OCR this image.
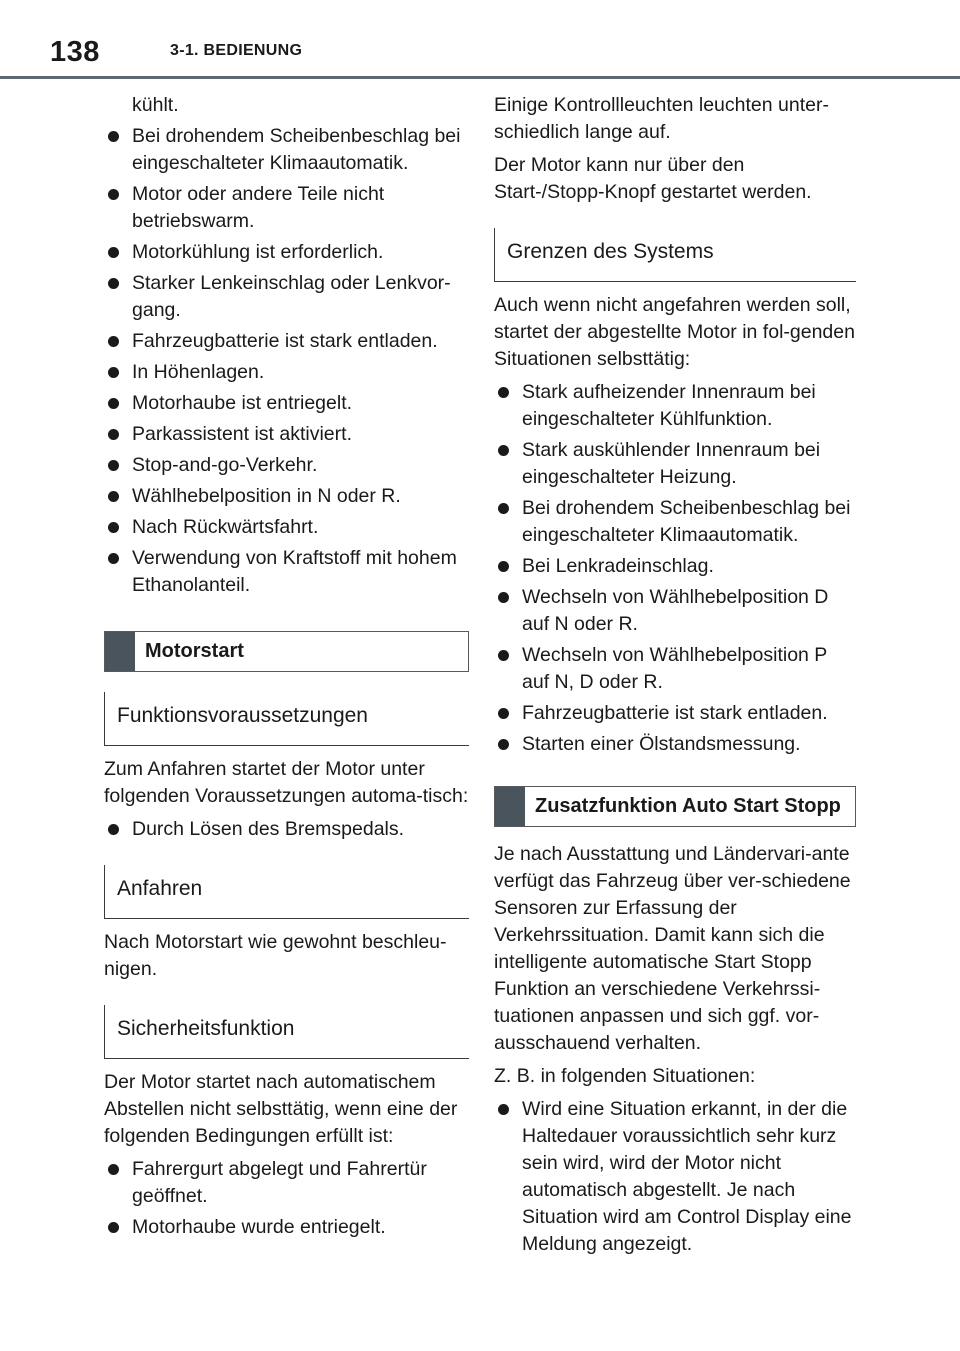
138	3-1. BEDIENUNG

kühlt.

Bei drohendem Scheibenbeschlag bei eingeschalteter Klimaautomatik.
Motor oder andere Teile nicht betriebswarm.
Motorkühlung ist erforderlich.
Starker Lenkeinschlag oder Lenkvor-gang.
Fahrzeugbatterie ist stark entladen.
In Höhenlagen.
Motorhaube ist entriegelt.
Parkassistent ist aktiviert.
Stop-and-go-Verkehr.
Wählhebelposition in N oder R.
Nach Rückwärtsfahrt.
Verwendung von Kraftstoff mit hohem Ethanolanteil.
Motorstart
Funktionsvoraussetzungen

Zum Anfahren startet der Motor unter folgenden Voraussetzungen automa-tisch:

Durch Lösen des Bremspedals.
Anfahren

Nach Motorstart wie gewohnt beschleu-nigen.

Sicherheitsfunktion

Der Motor startet nach automatischem Abstellen nicht selbsttätig, wenn eine der folgenden Bedingungen erfüllt ist:

Fahrergurt abgelegt und Fahrertür geöffnet.
Motorhaube wurde entriegelt.

Einige Kontrollleuchten leuchten unter-schiedlich lange auf.

Der Motor kann nur über den Start-/Stopp-Knopf gestartet werden.

Grenzen des Systems

Auch wenn nicht angefahren werden soll, startet der abgestellte Motor in fol-genden Situationen selbsttätig:

Stark aufheizender Innenraum bei eingeschalteter Kühlfunktion.
Stark auskühlender Innenraum bei eingeschalteter Heizung.
Bei drohendem Scheibenbeschlag bei eingeschalteter Klimaautomatik.
Bei Lenkradeinschlag.
Wechseln von Wählhebelposition D auf N oder R.
Wechseln von Wählhebelposition P auf N, D oder R.
Fahrzeugbatterie ist stark entladen.
Starten einer Ölstandsmessung.
Zusatzfunktion Auto Start Stopp

Je nach Ausstattung und Ländervari-ante verfügt das Fahrzeug über ver-schiedene Sensoren zur Erfassung der Verkehrssituation. Damit kann sich die intelligente automatische Start Stopp Funktion an verschiedene Verkehrssi-tuationen anpassen und sich ggf. vor-ausschauend verhalten.

Z. B. in folgenden Situationen:

Wird eine Situation erkannt, in der die Haltedauer voraussichtlich sehr kurz sein wird, wird der Motor nicht automatisch abgestellt. Je nach Situation wird am Control Display eine Meldung angezeigt.
